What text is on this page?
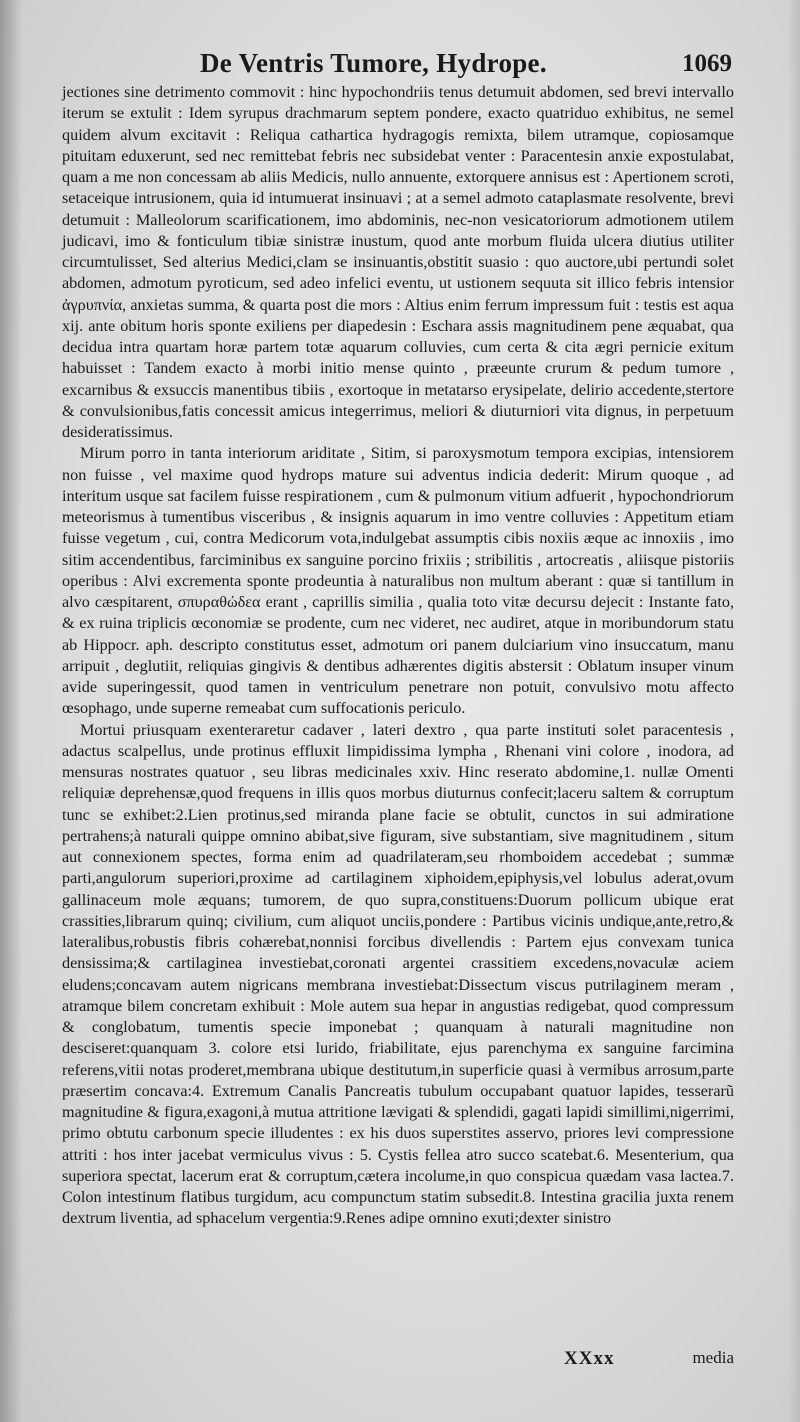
De Ventris Tumore, Hydrope.	1069

jectiones sine detrimento commovit : hinc hypochondriis tenus detumuit abdomen, sed brevi intervallo iterum se extulit : Idem syrupus drachmarum septem pondere, exacto quatriduo exhibitus, ne semel quidem alvum excitavit : Reliqua cathartica hydragogis remixta, bilem utramque, copiosamque pituitam eduxerunt, sed nec remittebat febris nec subsidebat venter : Paracentesin anxie expostulabat, quam a me non concessam ab aliis Medicis, nullo annuente, extorquere annisus est : Apertionem scroti, setaceique intrusionem, quia id intumuerat insinuavi ; at a semel admoto cataplasmate resolvente, brevi detumuit : Malleolorum scarificationem, imo abdominis, nec-non vesicatoriorum admotionem utilem judicavi, imo & fonticulum tibiæ sinistræ inustum, quod ante morbum fluida ulcera diutius utiliter circumtulisset, Sed alterius Medici,clam se insinuantis,obstitit suasio : quo auctore,ubi pertundi solet abdomen, admotum pyroticum, sed adeo infelici eventu, ut ustionem sequuta sit illico febris intensior ἀγρυπνία, anxietas summa, & quarta post die mors : Altius enim ferrum impressum fuit : testis est aqua xij. ante obitum horis sponte exiliens per diapedesin : Eschara assis magnitudinem pene æquabat, qua decidua intra quartam horæ partem totæ aquarum colluvies, cum certa & cita ægri pernicie exitum habuisset : Tandem exacto à morbi initio mense quinto , præeunte crurum & pedum tumore , excarnibus & exsuccis manentibus tibiis , exortoque in metatarso erysipelate, delirio accedente,stertore & convulsionibus,fatis concessit amicus integerrimus, meliori & diuturniori vita dignus, in perpetuum desideratissimus.

Mirum porro in tanta interiorum ariditate , Sitim, si paroxysmotum tempora excipias, intensiorem non fuisse , vel maxime quod hydrops mature sui adventus indicia dederit: Mirum quoque , ad interitum usque sat facilem fuisse respirationem , cum & pulmonum vitium adfuerit , hypochondriorum meteorismus à tumentibus visceribus , & insignis aquarum in imo ventre colluvies : Appetitum etiam fuisse vegetum , cui, contra Medicorum vota,indulgebat assumptis cibis noxiis æque ac innoxiis , imo sitim accendentibus, farciminibus ex sanguine porcino frixiis ; stribilitis , artocreatis , aliisque pistoriis operibus : Alvi excrementa sponte prodeuntia à naturalibus non multum aberant : quæ si tantillum in alvo cæspitarent, σπυραθώδεα erant , caprillis similia , qualia toto vitæ decursu dejecit : Instante fato, & ex ruina triplicis œconomiæ se prodente, cum nec videret, nec audiret, atque in moribundorum statu ab Hippocr. aph. descripto constitutus esset, admotum ori panem dulciarium vino insuccatum, manu arripuit , deglutiit, reliquias gingivis & dentibus adhærentes digitis abstersit : Oblatum insuper vinum avide superingessit, quod tamen in ventriculum penetrare non potuit, convulsivo motu affecto œsophago, unde superne remeabat cum suffocationis periculo.

Mortui priusquam exenteraretur cadaver , lateri dextro , qua parte instituti solet paracentesis , adactus scalpellus, unde protinus effluxit limpidissima lympha , Rhenani vini colore , inodora, ad mensuras nostrates quatuor , seu libras medicinales xxiv. Hinc reserato abdomine,1. nullæ Omenti reliquiæ deprehensæ,quod frequens in illis quos morbus diuturnus confecit;laceru saltem & corruptum tunc se exhibet:2.Lien protinus,sed miranda plane facie se obtulit, cunctos in sui admiratione pertrahens;à naturali quippe omnino abibat,sive figuram, sive substantiam, sive magnitudinem , situm aut connexionem spectes, forma enim ad quadrilateram,seu rhomboidem accedebat ; summæ parti,angulorum superiori,proxime ad cartilaginem xiphoidem,epiphysis,vel lobulus aderat,ovum gallinaceum mole æquans; tumorem, de quo supra,constituens:Duorum pollicum ubique erat crassities,librarum quinq; civilium, cum aliquot unciis,pondere : Partibus vicinis undique,ante,retro,& lateralibus,robustis fibris cohærebat,nonnisi forcibus divellendis : Partem ejus convexam tunica densissima;& cartilaginea investiebat,coronati argentei crassitiem excedens,novaculæ aciem eludens;concavam autem nigricans membrana investiebat:Dissectum viscus putrilaginem meram , atramque bilem concretam exhibuit : Mole autem sua hepar in angustias redigebat, quod compressum & conglobatum, tumentis specie imponebat ; quanquam à naturali magnitudine non desciseret:quanquam 3. colore etsi lurido, friabilitate, ejus parenchyma ex sanguine farcimina referens,vitii notas proderet,membrana ubique destitutum,in superficie quasi à vermibus arrosum,parte præsertim concava:4. Extremum Canalis Pancreatis tubulum occupabant quatuor lapides, tesserarũ magnitudine & figura,exagoni,à mutua attritione lævigati & splendidi, gagati lapidi simillimi,nigerrimi, primo obtutu carbonum specie illudentes : ex his duos superstites asservo, priores levi compressione attriti : hos inter jacebat vermiculus vivus : 5. Cystis fellea atro succo scatebat.6. Mesenterium, qua superiora spectat, lacerum erat & corruptum,cætera incolume,in quo conspicua quædam vasa lactea.7. Colon intestinum flatibus turgidum, acu compunctum statim subsedit.8. Intestina gracilia juxta renem dextrum liventia, ad sphacelum vergentia:9.Renes adipe omnino exuti;dexter sinistro

XXxx	media
